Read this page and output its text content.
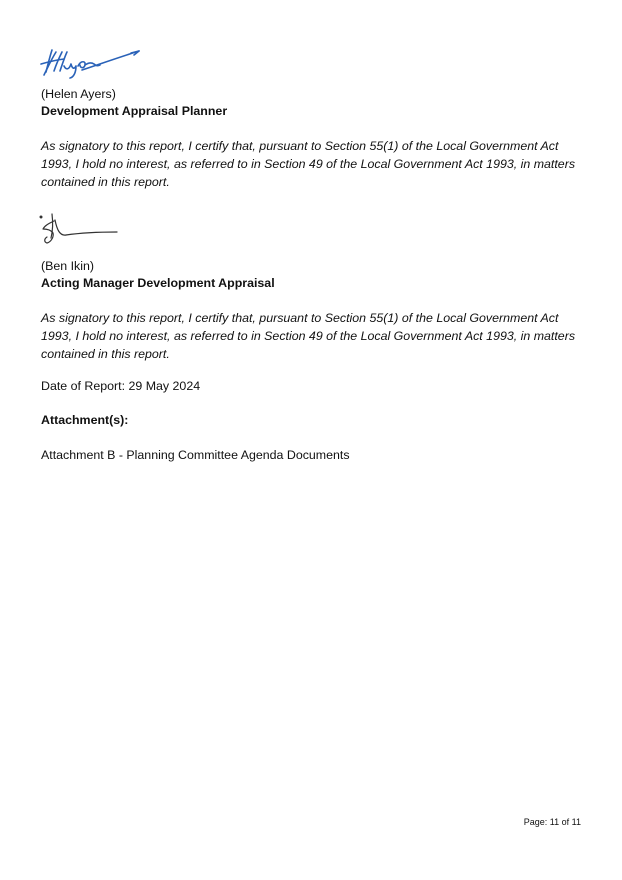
(Helen Ayers)
Development Appraisal Planner
As signatory to this report, I certify that, pursuant to Section 55(1) of the Local Government Act
1993, I hold no interest, as referred to in Section 49 of the Local Government Act 1993, in matters
contained in this report.
(Ben Ikin)
Acting Manager Development Appraisal
As signatory to this report, I certify that, pursuant to Section 55(1) of the Local Government Act
1993, I hold no interest, as referred to in Section 49 of the Local Government Act 1993, in matters
contained in this report.
Date of Report: 29 May 2024
Attachment(s):
Attachment B - Planning Committee Agenda Documents
Page: 11 of 11
